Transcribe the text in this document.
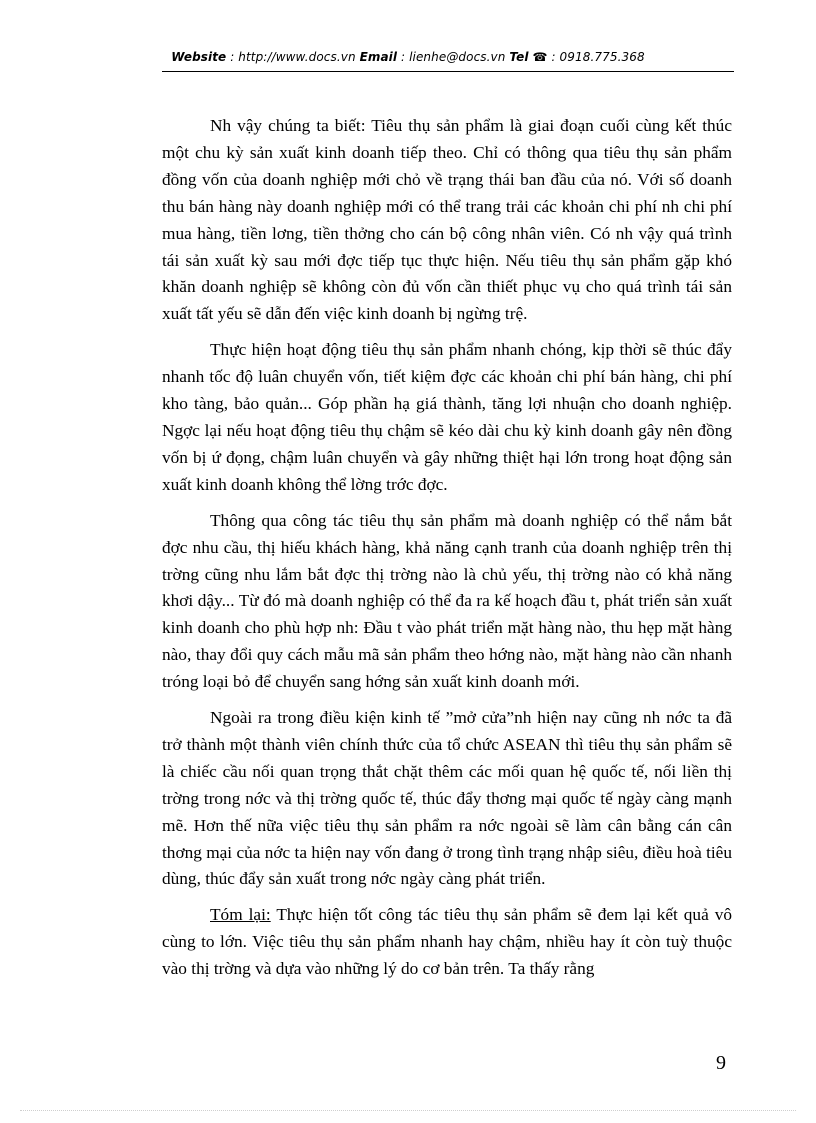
Website : http://www.docs.vn Email : lienhe@docs.vn Tel ☎ : 0918.775.368

Nh vậy chúng ta biết: Tiêu thụ sản phẩm là giai đoạn cuối cùng kết thúc một chu kỳ sản xuất kinh doanh tiếp theo. Chỉ có thông qua tiêu thụ sản phẩm đồng vốn của doanh nghiệp mới chỏ về trạng thái ban đầu của nó. Với số doanh thu bán hàng này doanh nghiệp mới có thể trang trải các khoản chi phí nh chi phí mua hàng, tiền lơng, tiền thởng cho cán bộ công nhân viên. Có nh vậy quá trình tái sản xuất kỳ sau mới đợc tiếp tục thực hiện. Nếu tiêu thụ sản phẩm gặp khó khăn doanh nghiệp sẽ không còn đủ vốn cần thiết phục vụ cho quá trình tái sản xuất tất yếu sẽ dẫn đến việc kinh doanh bị ngừng trệ.

Thực hiện hoạt động tiêu thụ sản phẩm nhanh chóng, kịp thời sẽ thúc đẩy nhanh tốc độ luân chuyển vốn, tiết kiệm đợc các khoản chi phí bán hàng, chi phí kho tàng, bảo quản... Góp phần hạ giá thành, tăng lợi nhuận cho doanh nghiệp. Ngợc lại nếu hoạt động tiêu thụ chậm sẽ kéo dài chu kỳ kinh doanh gây nên đồng vốn bị ứ đọng, chậm luân chuyển và gây những thiệt hại lớn trong hoạt động sản xuất kinh doanh không thể lờng trớc đợc.

Thông qua công tác tiêu thụ sản phẩm mà doanh nghiệp có thể nắm bắt đợc nhu cầu, thị hiếu khách hàng, khả năng cạnh tranh của doanh nghiệp trên thị trờng cũng nhu lắm bắt đợc thị trờng nào là chủ yếu, thị trờng nào có khả năng khơi dậy... Từ đó mà doanh nghiệp có thể đa ra kế hoạch đầu t, phát triển sản xuất kinh doanh cho phù hợp nh: Đầu t vào phát triển mặt hàng nào, thu hẹp mặt hàng nào, thay đổi quy cách mẫu mã sản phẩm theo hớng nào, mặt hàng nào cần nhanh tróng loại bỏ để chuyển sang hớng sản xuất kinh doanh mới.

Ngoài ra trong điều kiện kinh tế ”mở cửa”nh hiện nay cũng nh nớc ta đã trở thành một thành viên chính thức của tổ chức ASEAN thì tiêu thụ sản phẩm sẽ là chiếc cầu nối quan trọng thắt chặt thêm các mối quan hệ quốc tế, nối liền thị trờng trong nớc và thị trờng quốc tế, thúc đẩy thơng mại quốc tế ngày càng mạnh mẽ. Hơn thế nữa việc tiêu thụ sản phẩm ra nớc ngoài sẽ làm cân bằng cán cân thơng mại của nớc ta hiện nay vốn đang ở trong tình trạng nhập siêu, điều hoà tiêu dùng, thúc đẩy sản xuất trong nớc ngày càng phát triển.

Tóm lại: Thực hiện tốt công tác tiêu thụ sản phẩm sẽ đem lại kết quả vô cùng to lớn. Việc tiêu thụ sản phẩm nhanh hay chậm, nhiều hay ít còn tuỳ thuộc vào thị trờng và dựa vào những lý do cơ bản trên. Ta thấy rằng

9
